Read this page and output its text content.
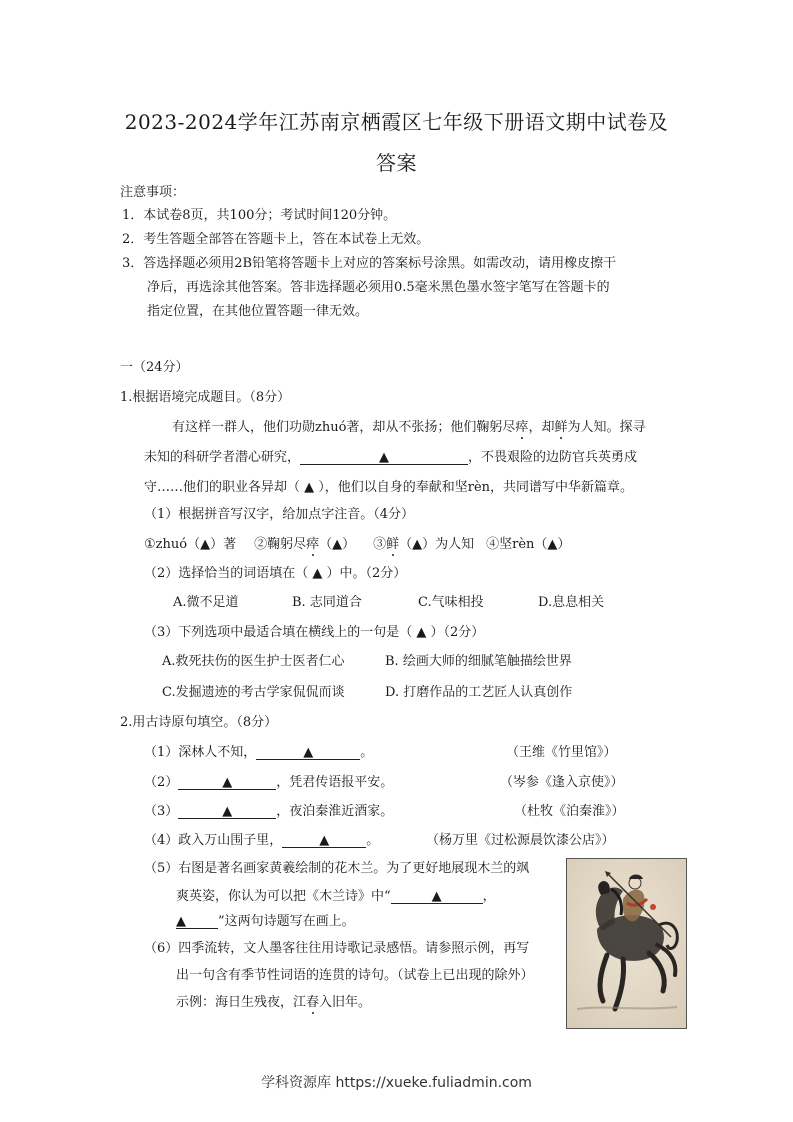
2023-2024学年江苏南京栖霞区七年级下册语文期中试卷及
答案
注意事项：
1．本试卷8页，共100分；考试时间120分钟。
2．考生答题全部答在答题卡上，答在本试卷上无效。
3．答选择题必须用2B铅笔将答题卡上对应的答案标号涂黑。如需改动，请用橡皮擦干
净后，再选涂其他答案。答非选择题必须用0.5毫米黑色墨水签字笔写在答题卡的
指定位置，在其他位置答题一律无效。
一（24分）
1.根据语境完成题目。（8分）
有这样一群人，他们功勋zhuó著，却从不张扬；他们鞠躬尽瘁，却鲜为人知。探寻
未知的科研学者潜心研究，	▲	，不畏艰险的边防官兵英勇戍
守……他们的职业各异却（ ▲ ），他们以自身的奉献和坚rèn，共同谱写中华新篇章。
（1）根据拼音写汉字，给加点字注音。（4分）
①zhuó（▲）著 ②鞠躬尽瘁（▲） ③鲜（▲）为人知 ④坚rèn（▲）
（2）选择恰当的词语填在（ ▲ ）中。（2分）
A.微不足道	B. 志同道合	C.气味相投	D.息息相关
（3）下列选项中最适合填在横线上的一句是（ ▲ ）（2分）
A.救死扶伤的医生护士医者仁心	B. 绘画大师的细腻笔触描绘世界
C.发掘遗迹的考古学家侃侃而谈	D. 打磨作品的工艺匠人认真创作
2.用古诗原句填空。（8分）
（1）深林人不知，	▲	。	（王维《竹里馆》）
（2）	▲	，凭君传语报平安。	（岑参《逢入京使》）
（3）	▲	，夜泊秦淮近酒家。	（杜牧《泊秦淮》）
（4）政入万山围子里，	▲	。	（杨万里《过松源晨饮漆公店》）
（5）右图是著名画家黄羲绘制的花木兰。为了更好地展现木兰的飒
爽英姿，你认为可以把《木兰诗》中“	▲	，
▲ ”这两句诗题写在画上。
（6）四季流转，文人墨客往往用诗歌记录感悟。请参照示例，再写
出一句含有季节性词语的连贯的诗句。（试卷上已出现的除外）
示例：海日生残夜，江春入旧年。
学科资源库 https://xueke.fuliadmin.com
